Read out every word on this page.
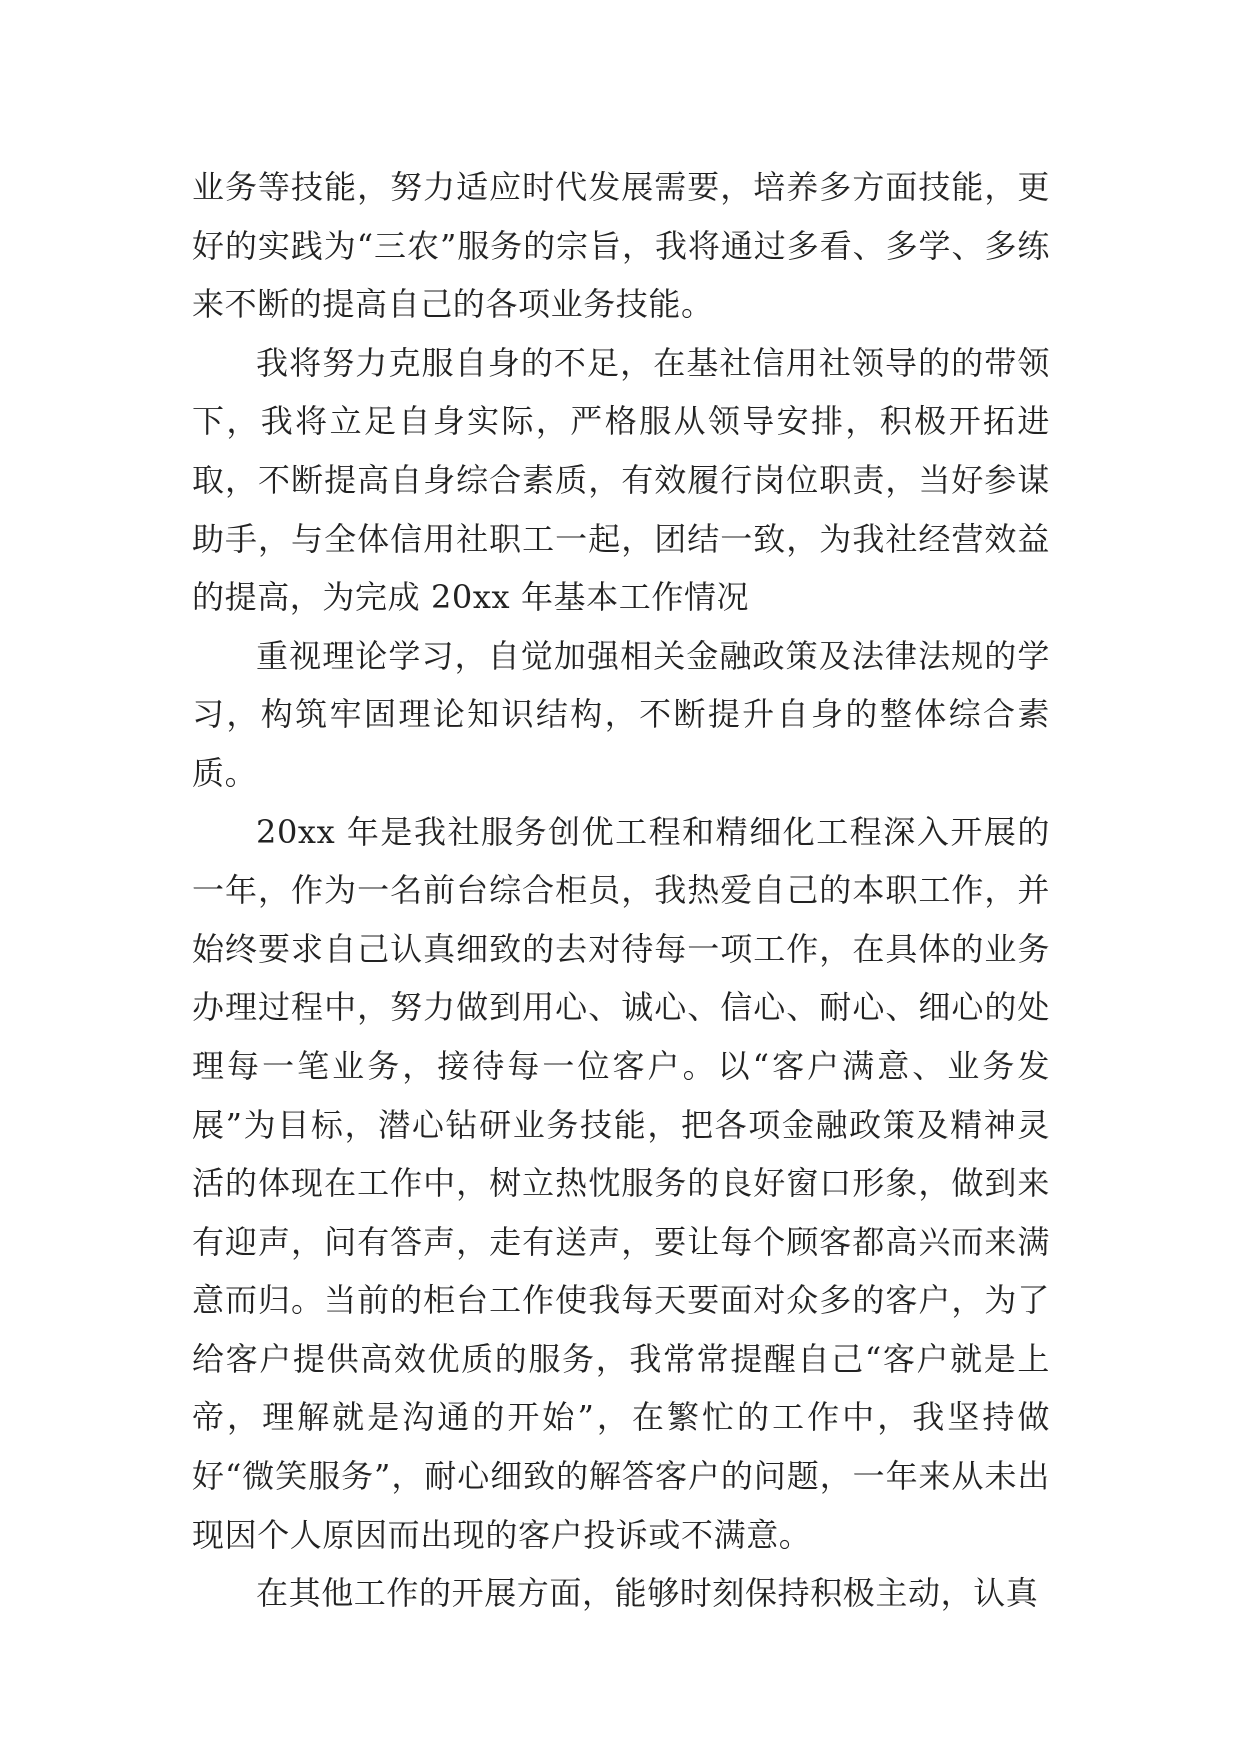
业务等技能，努力适应时代发展需要，培养多方面技能，更好的实践为“三农”服务的宗旨，我将通过多看、多学、多练来不断的提高自己的各项业务技能。

我将努力克服自身的不足，在基社信用社领导的的带领下，我将立足自身实际，严格服从领导安排，积极开拓进取，不断提高自身综合素质，有效履行岗位职责，当好参谋助手，与全体信用社职工一起，团结一致，为我社经营效益的提高，为完成 20xx 年基本工作情况

重视理论学习，自觉加强相关金融政策及法律法规的学习，构筑牢固理论知识结构，不断提升自身的整体综合素质。

20xx 年是我社服务创优工程和精细化工程深入开展的一年，作为一名前台综合柜员，我热爱自己的本职工作，并始终要求自己认真细致的去对待每一项工作，在具体的业务办理过程中，努力做到用心、诚心、信心、耐心、细心的处理每一笔业务，接待每一位客户。以“客户满意、业务发展”为目标，潜心钻研业务技能，把各项金融政策及精神灵活的体现在工作中，树立热忱服务的良好窗口形象，做到来有迎声，问有答声，走有送声，要让每个顾客都高兴而来满意而归。当前的柜台工作使我每天要面对众多的客户，为了给客户提供高效优质的服务，我常常提醒自己“客户就是上帝，理解就是沟通的开始”，在繁忙的工作中，我坚持做好“微笑服务”，耐心细致的解答客户的问题，一年来从未出现因个人原因而出现的客户投诉或不满意。

在其他工作的开展方面，能够时刻保持积极主动，认真
